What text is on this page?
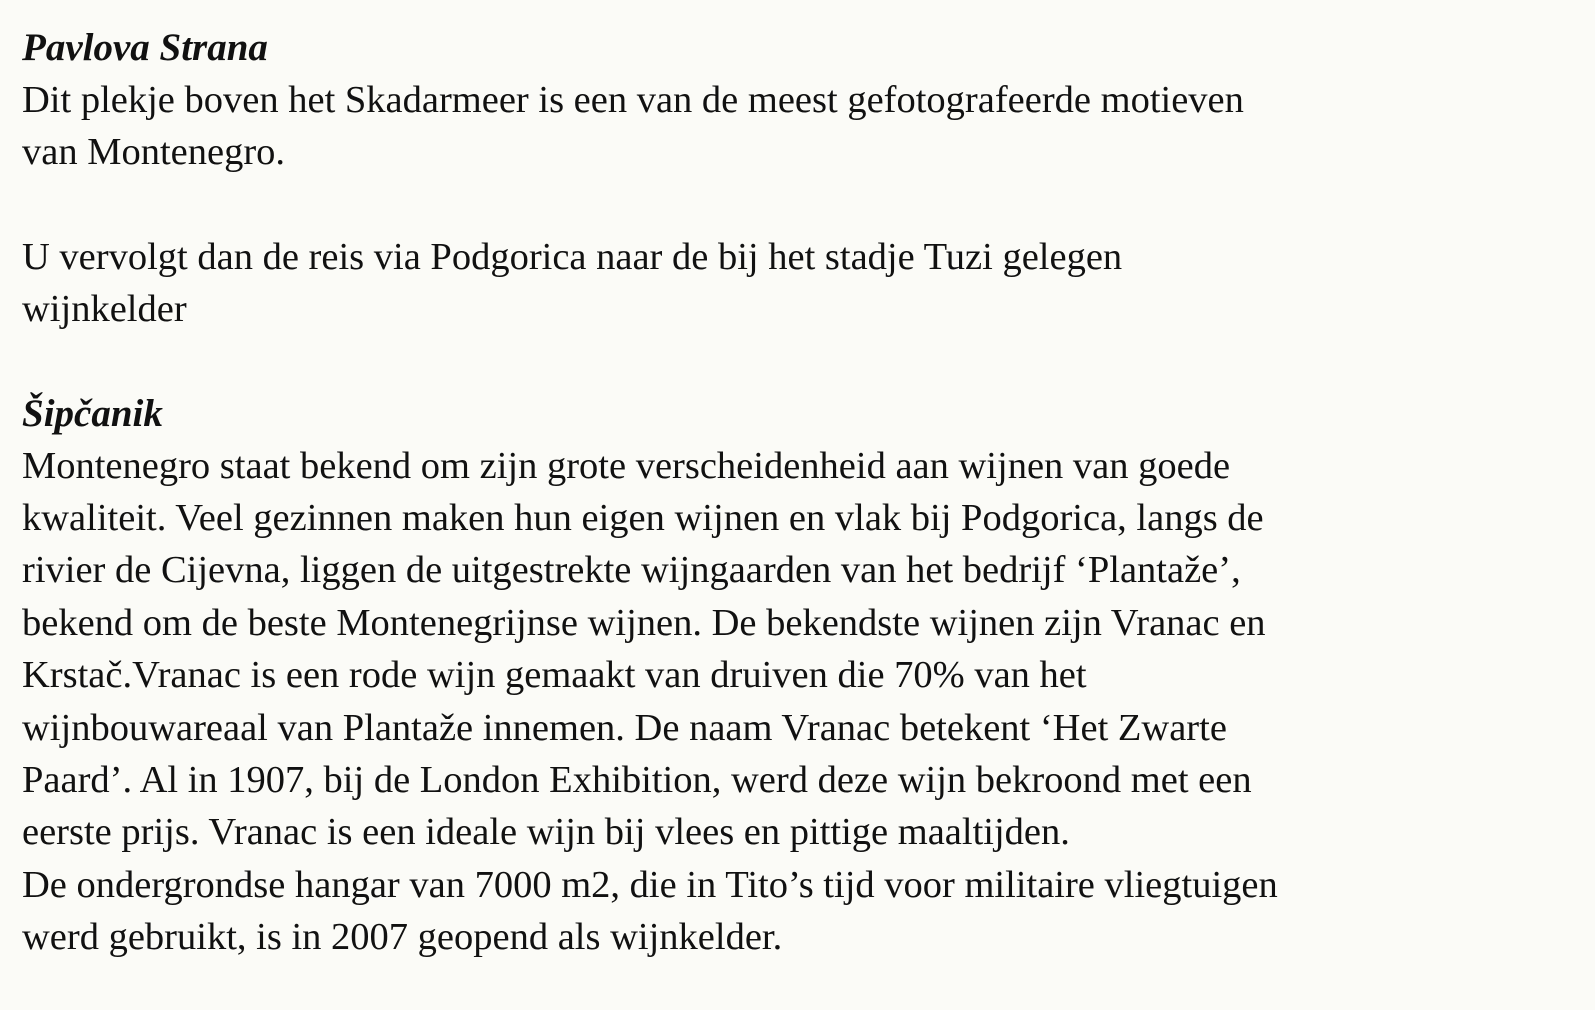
Pavlova Strana

Dit plekje boven het Skadarmeer is een van de meest gefotografeerde motieven
van Montenegro.

U vervolgt dan de reis via Podgorica naar de bij het stadje Tuzi gelegen
wijnkelder

Šipčanik

Montenegro staat bekend om zijn grote verscheidenheid aan wijnen van goede
kwaliteit. Veel gezinnen maken hun eigen wijnen en vlak bij Podgorica, langs de
rivier de Cijevna, liggen de uitgestrekte wijngaarden van het bedrijf ‘Plantaže’,
bekend om de beste Montenegrijnse wijnen. De bekendste wijnen zijn Vranac en
Krstač.Vranac is een rode wijn gemaakt van druiven die 70% van het
wijnbouwareaal van Plantaže innemen. De naam Vranac betekent ‘Het Zwarte
Paard’. Al in 1907, bij de London Exhibition, werd deze wijn bekroond met een
eerste prijs. Vranac is een ideale wijn bij vlees en pittige maaltijden.
De ondergrondse hangar van 7000 m2, die in Tito’s tijd voor militaire vliegtuigen
werd gebruikt, is in 2007 geopend als wijnkelder.
